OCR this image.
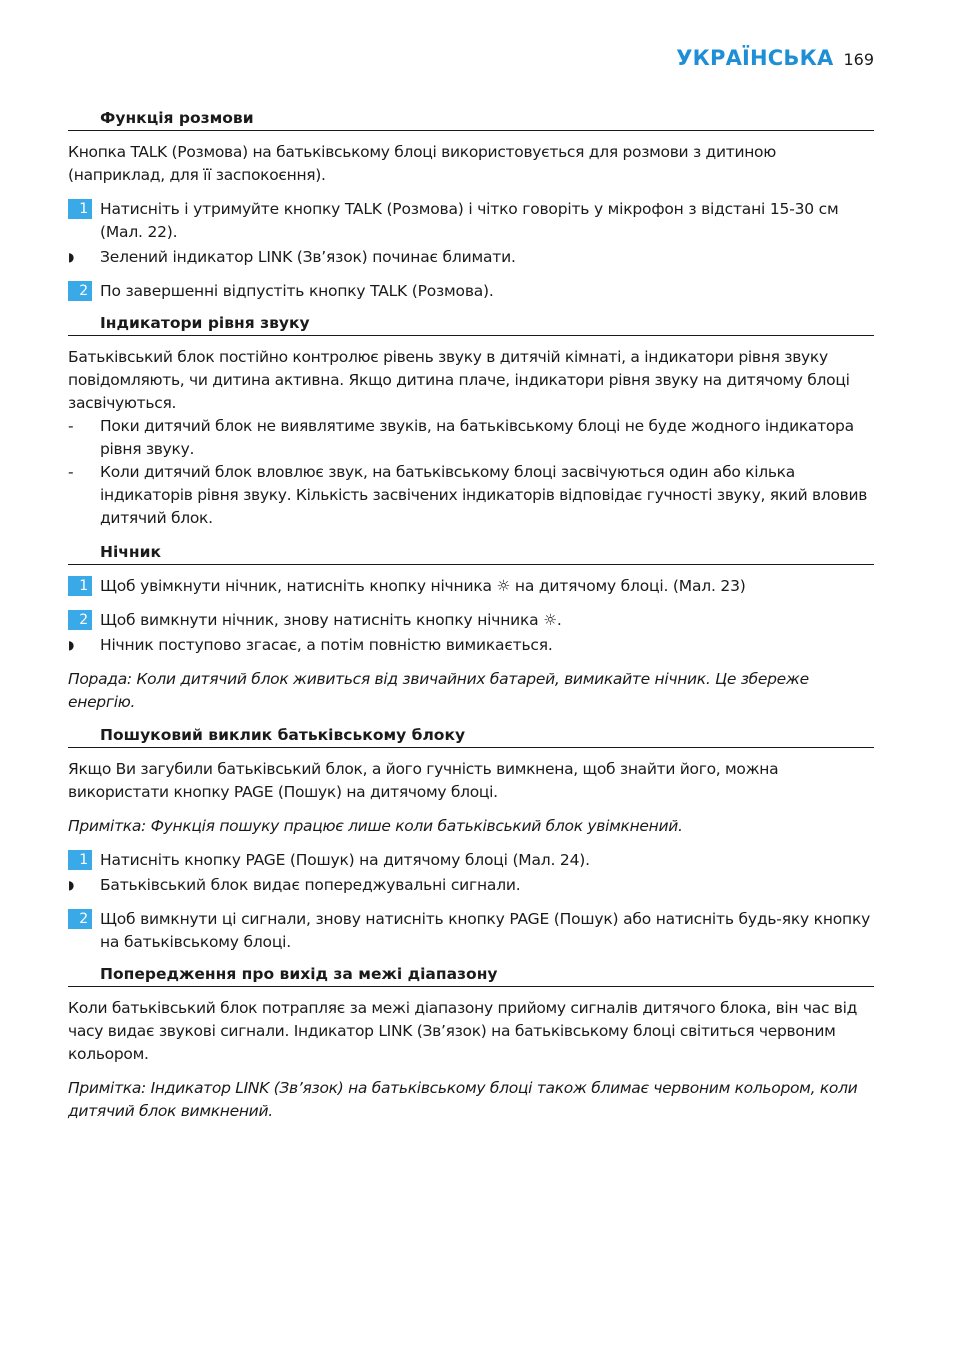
УКРАЇНСЬКА 169
Функція розмови
Кнопка TALK (Розмова) на батьківському блоці використовується для розмови з дитиною (наприклад, для її заспокоєння).
1 Натисніть і утримуйте кнопку TALK (Розмова) і чітко говоріть у мікрофон з відстані 15-30 см (Мал. 22).
◗	Зелений індикатор LINK (Зв’язок) починає блимати.
2 По завершенні відпустіть кнопку TALK (Розмова).
Індикатори рівня звуку
Батьківський блок постійно контролює рівень звуку в дитячій кімнаті, а індикатори рівня звуку повідомляють, чи дитина активна. Якщо дитина плаче, індикатори рівня звуку на дитячому блоці засвічуються.
-	Поки дитячий блок не виявлятиме звуків, на батьківському блоці не буде жодного індикатора рівня звуку.
-	Коли дитячий блок вловлює звук, на батьківському блоці засвічуються один або кілька індикаторів рівня звуку. Кількість засвічених індикаторів відповідає гучності звуку, який вловив дитячий блок.
Нічник
1 Щоб увімкнути нічник, натисніть кнопку нічника ☼ на дитячому блоці. (Мал. 23)
2 Щоб вимкнути нічник, знову натисніть кнопку нічника ☼.
◗	Нічник поступово згасає, а потім повністю вимикається.
Порада: Коли дитячий блок живиться від звичайних батарей, вимикайте нічник. Це збереже енергію.
Пошуковий виклик батьківському блоку
Якщо Ви загубили батьківський блок, а його гучність вимкнена, щоб знайти його, можна використати кнопку PAGE (Пошук) на дитячому блоці.
Примітка: Функція пошуку працює лише коли батьківський блок увімкнений.
1 Натисніть кнопку PAGE (Пошук) на дитячому блоці (Мал. 24).
◗	Батьківський блок видає попереджувальні сигнали.
2 Щоб вимкнути ці сигнали, знову натисніть кнопку PAGE (Пошук) або натисніть будь-яку кнопку на батьківському блоці.
Попередження про вихід за межі діапазону
Коли батьківський блок потрапляє за межі діапазону прийому сигналів дитячого блока, він час від часу видає звукові сигнали. Індикатор LINK (Зв’язок) на батьківському блоці світиться червоним кольором.
Примітка: Індикатор LINK (Зв’язок) на батьківському блоці також блимає червоним кольором, коли дитячий блок вимкнений.
